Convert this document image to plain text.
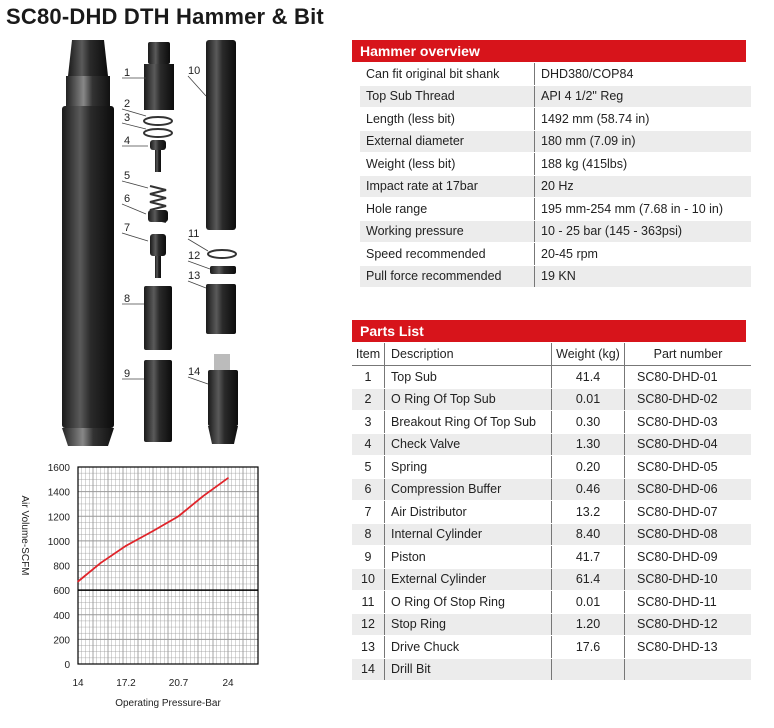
SC80-DHD DTH Hammer & Bit
1
2
3
4
5
6
7
8
9
10
11
12
13
14
Hammer overview
Can fit original bit shank	DHD380/COP84
Top Sub Thread	API 4 1/2" Reg
Length (less bit)	1492 mm (58.74 in)
External diameter	180 mm (7.09 in)
Weight (less bit)	188 kg (415lbs)
Impact rate at 17bar	20 Hz
Hole range	195 mm-254 mm (7.68 in - 10 in)
Working pressure	10 - 25 bar (145 - 363psi)
Speed recommended	20-45 rpm
Pull force recommended	19 KN
Parts List
Item	Description	Weight (kg)	Part number
1	Top Sub	41.4	SC80-DHD-01
2	O Ring Of Top Sub	0.01	SC80-DHD-02
3	Breakout Ring Of Top Sub	0.30	SC80-DHD-03
4	Check Valve	1.30	SC80-DHD-04
5	Spring	0.20	SC80-DHD-05
6	Compression Buffer	0.46	SC80-DHD-06
7	Air Distributor	13.2	SC80-DHD-07
8	Internal Cylinder	8.40	SC80-DHD-08
9	Piston	41.7	SC80-DHD-09
10	External Cylinder	61.4	SC80-DHD-10
11	O Ring Of Stop Ring	0.01	SC80-DHD-11
12	Stop Ring	1.20	SC80-DHD-12
13	Drive Chuck	17.6	SC80-DHD-13
14	Drill Bit		
0
200
400
600
800
1000
1200
1400
1600
14	17.2	20.7	24
Operating Pressure-Bar
Air Volume-SCFM
